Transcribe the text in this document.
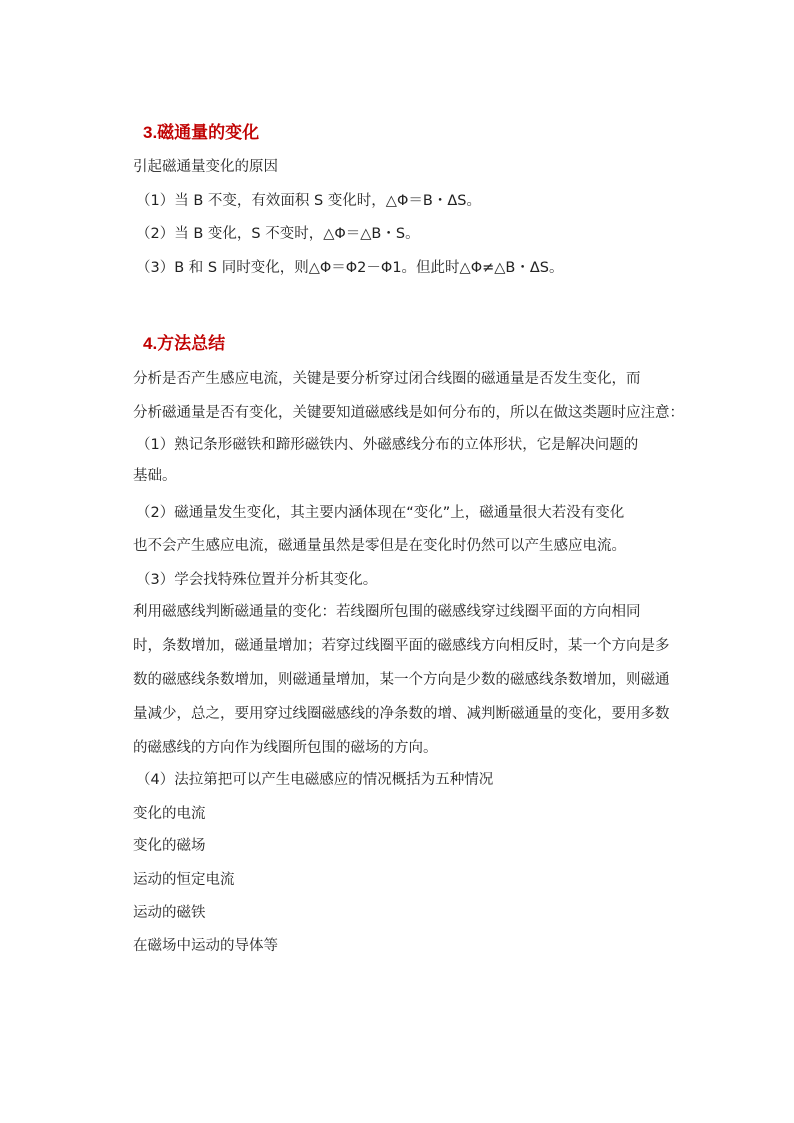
3.磁通量的变化
引起磁通量变化的原因
（1）当 B 不变，有效面积 S 变化时，△Φ＝B・ΔS。
（2）当 B 变化，S 不变时，△Φ＝△B・S。
（3）B 和 S 同时变化，则△Φ＝Φ2－Φ1。但此时△Φ≠△B・ΔS。
4.方法总结
分析是否产生感应电流，关键是要分析穿过闭合线圈的磁通量是否发生变化，而
分析磁通量是否有变化，关键要知道磁感线是如何分布的，所以在做这类题时应注意：
（1）熟记条形磁铁和蹄形磁铁内、外磁感线分布的立体形状，它是解决问题的
基础。
（2）磁通量发生变化，其主要内涵体现在“变化”上，磁通量很大若没有变化
也不会产生感应电流，磁通量虽然是零但是在变化时仍然可以产生感应电流。
（3）学会找特殊位置并分析其变化。
利用磁感线判断磁通量的变化：若线圈所包围的磁感线穿过线圈平面的方向相同
时，条数增加，磁通量增加；若穿过线圈平面的磁感线方向相反时，某一个方向是多
数的磁感线条数增加，则磁通量增加，某一个方向是少数的磁感线条数增加，则磁通
量减少，总之，要用穿过线圈磁感线的净条数的增、减判断磁通量的变化，要用多数
的磁感线的方向作为线圈所包围的磁场的方向。
（4）法拉第把可以产生电磁感应的情况概括为五种情况
变化的电流
变化的磁场
运动的恒定电流
运动的磁铁
在磁场中运动的导体等
